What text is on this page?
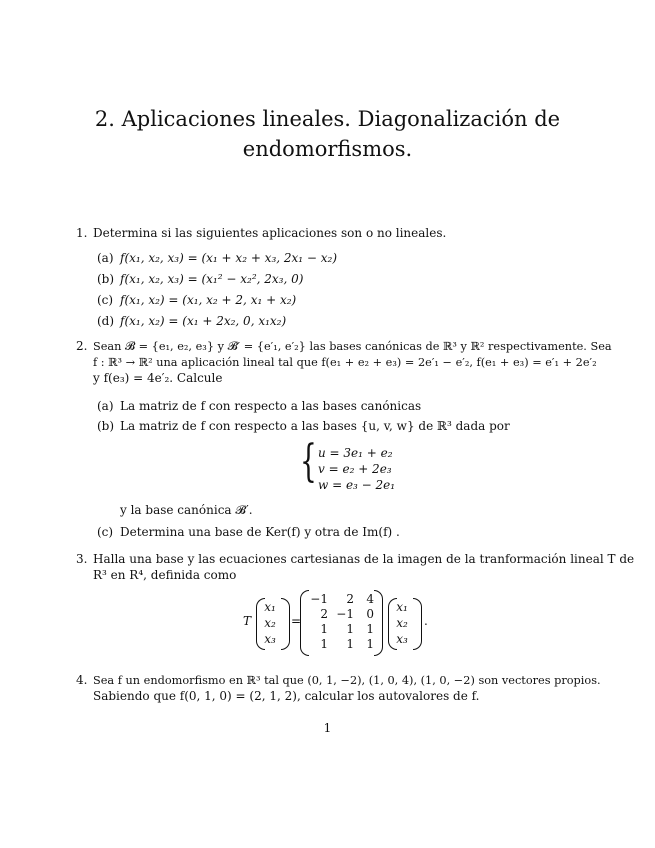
2. Aplicaciones lineales. Diagonalización de
endomorfismos.
1. Determina si las siguientes aplicaciones son o no lineales.
(a) f(x₁, x₂, x₃) = (x₁ + x₂ + x₃, 2x₁ − x₂)
(b) f(x₁, x₂, x₃) = (x₁² − x₂², 2x₃, 0)
(c) f(x₁, x₂) = (x₁, x₂ + 2, x₁ + x₂)
(d) f(x₁, x₂) = (x₁ + 2x₂, 0, x₁x₂)
2. Sean 𝓑 = {e₁, e₂, e₃} y 𝓑′ = {e′₁, e′₂} las bases canónicas de ℝ³ y ℝ² respectivamente. Sea
f : ℝ³ → ℝ² una aplicación lineal tal que f(e₁ + e₂ + e₃) = 2e′₁ − e′₂, f(e₁ + e₃) = e′₁ + 2e′₂
y f(e₃) = 4e′₂. Calcule
(a) La matriz de f con respecto a las bases canónicas
(b) La matriz de f con respecto a las bases {u, v, w} de ℝ³ dada por
{ u = 3e₁ + e₂
v = e₂ + 2e₃
w = e₃ − 2e₁
y la base canónica 𝓑′.
(c) Determina una base de Ker(f) y otra de Im(f) .
3. Halla una base y las ecuaciones cartesianas de la imagen de la tranformación lineal T de
R³ en R⁴, definida como
T
x₁
x₂
x₃
=
−1	2	4
2 −1	0
1	1	1
1	1	1
x₁
x₂
x₃
.
4. Sea f un endomorfismo en ℝ³ tal que (0, 1, −2), (1, 0, 4), (1, 0, −2) son vectores propios.
Sabiendo que f(0, 1, 0) = (2, 1, 2), calcular los autovalores de f.
1
